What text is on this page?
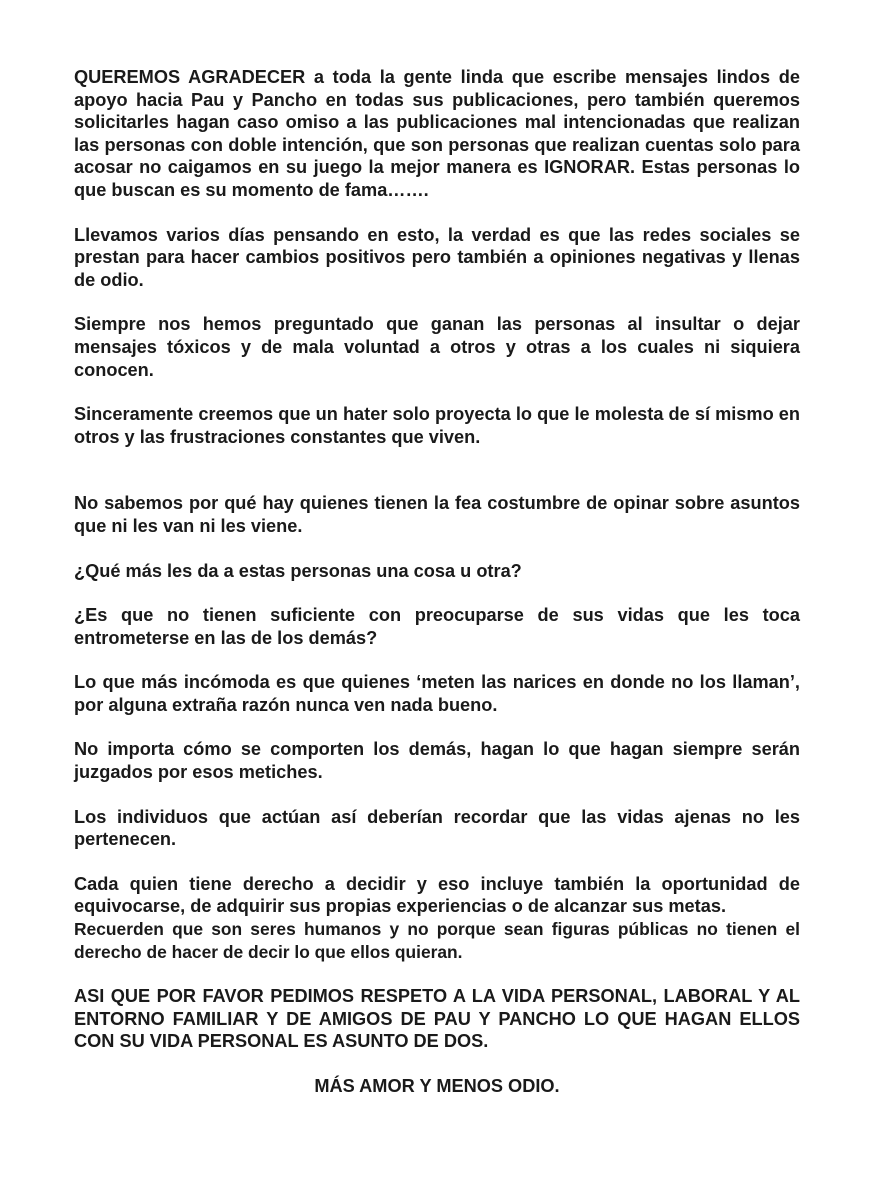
QUEREMOS AGRADECER a toda la gente linda que escribe mensajes lindos de apoyo hacia Pau y Pancho en todas sus publicaciones, pero también queremos solicitarles hagan caso omiso a las publicaciones mal intencionadas que realizan las personas con doble intención, que son personas que realizan cuentas solo para acosar no caigamos en su juego la mejor manera es IGNORAR. Estas personas lo que buscan es su momento de fama…….

Llevamos varios días pensando en esto, la verdad es que las redes sociales se prestan para hacer cambios positivos pero también a opiniones negativas y llenas de odio.

Siempre nos hemos preguntado que ganan las personas al insultar o dejar mensajes tóxicos y de mala voluntad a otros y otras a los cuales ni siquiera conocen.

Sinceramente creemos que un hater solo proyecta lo que le molesta de sí mismo en otros y las frustraciones constantes que viven.

No sabemos por qué hay quienes tienen la fea costumbre de opinar sobre asuntos que ni les van ni les viene.

¿Qué más les da a estas personas una cosa u otra?

¿Es que no tienen suficiente con preocuparse de sus vidas que les toca entrometerse en las de los demás?

Lo que más incómoda es que quienes ‘meten las narices en donde no los llaman’, por alguna extraña razón nunca ven nada bueno.

No importa cómo se comporten los demás, hagan lo que hagan siempre serán juzgados por esos metiches.

Los individuos que actúan así deberían recordar que las vidas ajenas no les pertenecen.

Cada quien tiene derecho a decidir y eso incluye también la oportunidad de equivocarse, de adquirir sus propias experiencias o de alcanzar sus metas.

Recuerden que son seres humanos y no porque sean figuras públicas no tienen el derecho de hacer de decir lo que ellos quieran.

ASI QUE POR FAVOR PEDIMOS RESPETO A LA VIDA PERSONAL, LABORAL Y AL ENTORNO FAMILIAR Y DE AMIGOS DE PAU Y PANCHO LO QUE HAGAN ELLOS CON SU VIDA PERSONAL ES ASUNTO DE DOS.

MÁS AMOR Y MENOS ODIO.
